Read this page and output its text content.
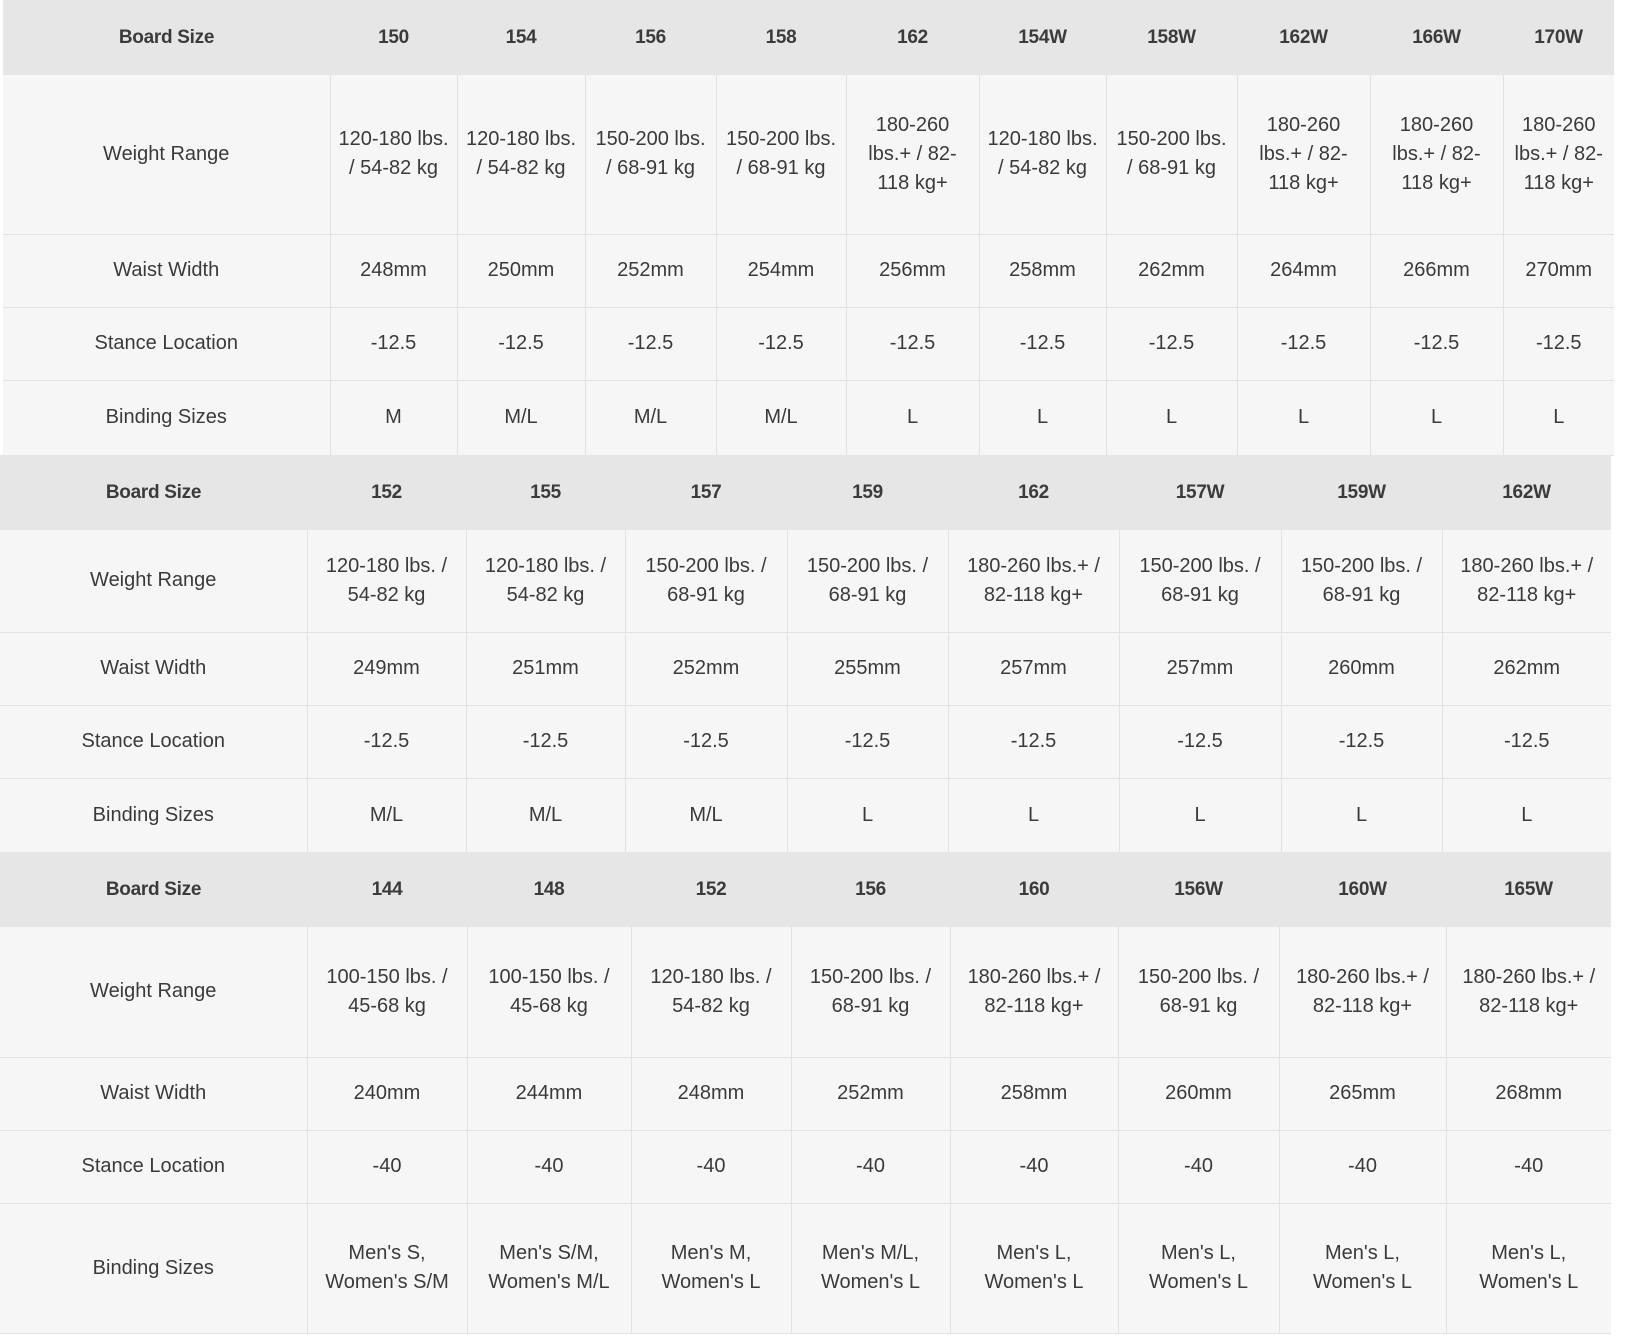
Board Size	150	154	156	158	162	154W	158W	162W	166W	170W
Weight Range	120-180 lbs. / 54-82 kg	120-180 lbs. / 54-82 kg	150-200 lbs. / 68-91 kg	150-200 lbs. / 68-91 kg	180-260 lbs.+ / 82-118 kg+	120-180 lbs. / 54-82 kg	150-200 lbs. / 68-91 kg	180-260 lbs.+ / 82-118 kg+	180-260 lbs.+ / 82-118 kg+	180-260 lbs.+ / 82-118 kg+
Waist Width	248mm	250mm	252mm	254mm	256mm	258mm	262mm	264mm	266mm	270mm
Stance Location	-12.5	-12.5	-12.5	-12.5	-12.5	-12.5	-12.5	-12.5	-12.5	-12.5
Binding Sizes	M	M/L	M/L	M/L	L	L	L	L	L	L
Board Size	152	155	157	159	162	157W	159W	162W
Weight Range	120-180 lbs. / 54-82 kg	120-180 lbs. / 54-82 kg	150-200 lbs. / 68-91 kg	150-200 lbs. / 68-91 kg	180-260 lbs.+ / 82-118 kg+	150-200 lbs. / 68-91 kg	150-200 lbs. / 68-91 kg	180-260 lbs.+ / 82-118 kg+
Waist Width	249mm	251mm	252mm	255mm	257mm	257mm	260mm	262mm
Stance Location	-12.5	-12.5	-12.5	-12.5	-12.5	-12.5	-12.5	-12.5
Binding Sizes	M/L	M/L	M/L	L	L	L	L	L
Board Size	144	148	152	156	160	156W	160W	165W
Weight Range	100-150 lbs. / 45-68 kg	100-150 lbs. / 45-68 kg	120-180 lbs. / 54-82 kg	150-200 lbs. / 68-91 kg	180-260 lbs.+ / 82-118 kg+	150-200 lbs. / 68-91 kg	180-260 lbs.+ / 82-118 kg+	180-260 lbs.+ / 82-118 kg+
Waist Width	240mm	244mm	248mm	252mm	258mm	260mm	265mm	268mm
Stance Location	-40	-40	-40	-40	-40	-40	-40	-40
Binding Sizes	Men's S, Women's S/M	Men's S/M, Women's M/L	Men's M, Women's L	Men's M/L, Women's L	Men's L, Women's L	Men's L, Women's L	Men's L, Women's L	Men's L, Women's L
